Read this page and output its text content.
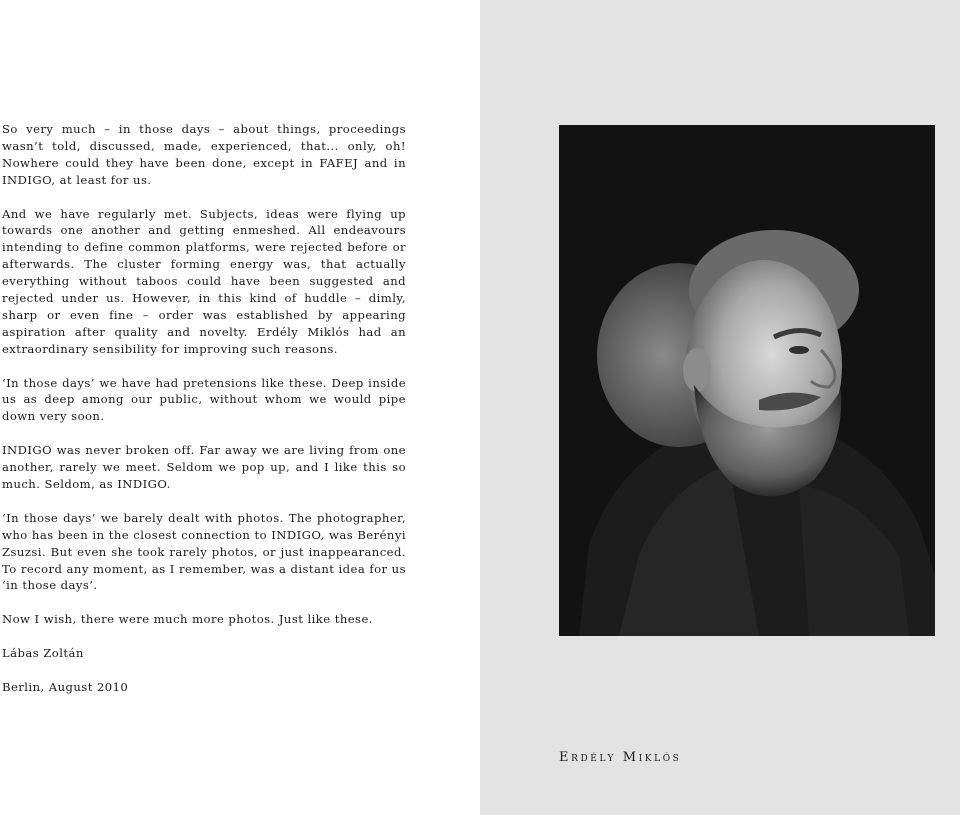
So very much – in those days – about things, proceedings wasn’t told, discussed, made, experienced, that... only, oh! Nowhere could they have been done, except in FAFEJ and in INDIGO, at least for us.

And we have regularly met. Subjects, ideas were flying up towards one another and getting enmeshed. All endeavours intending to define common platforms, were rejected before or afterwards. The cluster forming energy was, that actually everything without taboos could have been suggested and rejected under us. However, in this kind of huddle – dimly, sharp or even fine – order was established by appearing aspiration after quality and novelty. Erdély Miklós had an extraordinary sensibility for improving such reasons.

‘In those days’ we have had pretensions like these. Deep inside us as deep among our public, without whom we would pipe down very soon.

INDIGO was never broken off. Far away we are living from one another, rarely we meet. Seldom we pop up, and I like this so much. Seldom, as INDIGO.

‘In those days’ we barely dealt with photos. The photographer, who has been in the closest connection to INDIGO, was Berényi Zsuzsi. But even she took rarely photos, or just inappearanced. To record any moment, as I remember, was a distant idea for us ‘in those days’.

Now I wish, there were much more photos. Just like these.

Lábas Zoltán

Berlin, August 2010

Erdély Miklós
